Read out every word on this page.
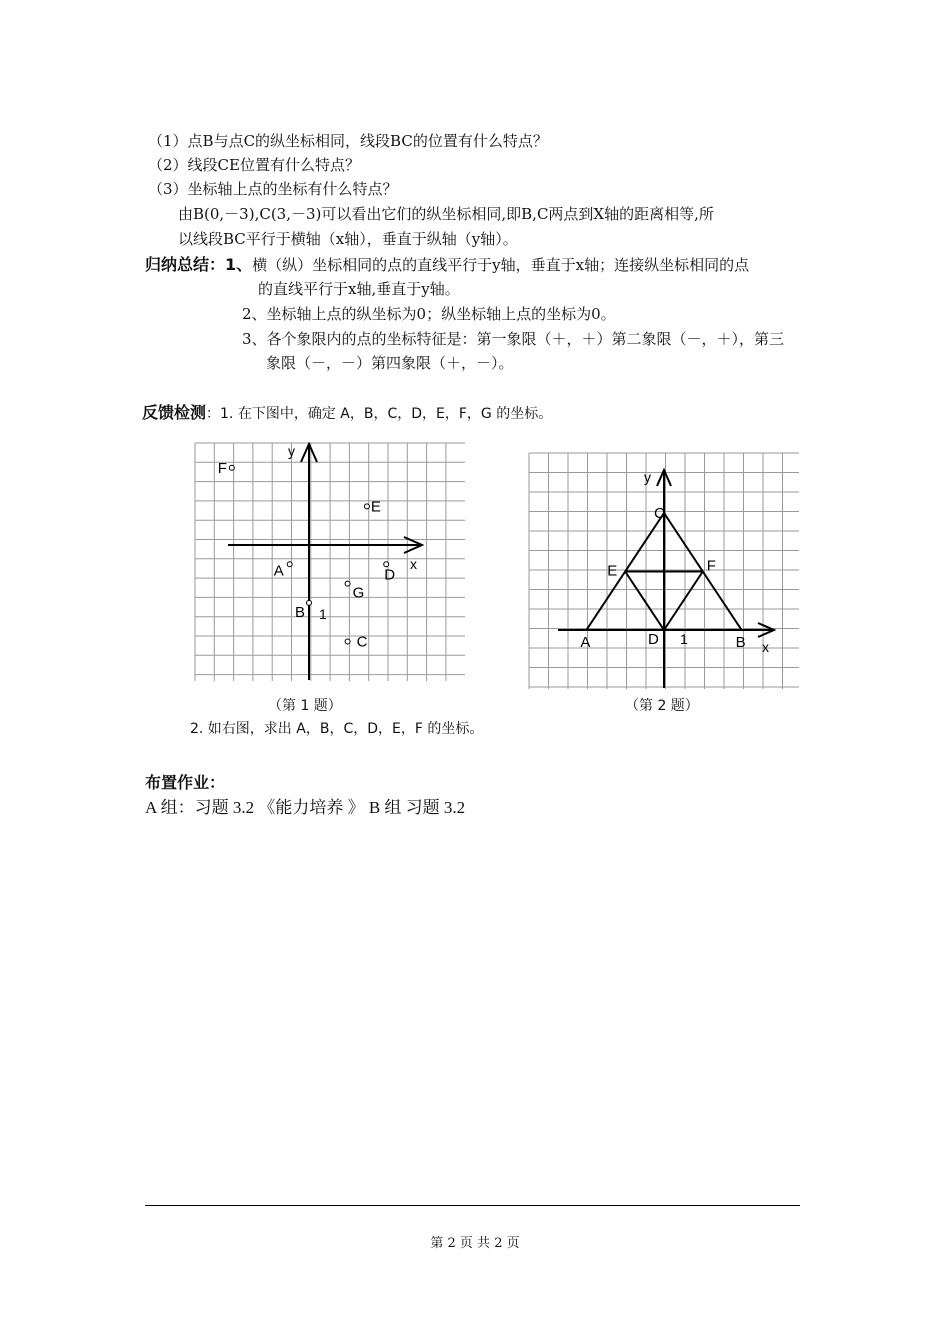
（1）点B与点C的纵坐标相同，线段BC的位置有什么特点？
（2）线段CE位置有什么特点？
（3）坐标轴上点的坐标有什么特点？
由B(0,－3),C(3,－3)可以看出它们的纵坐标相同,即B,C两点到X轴的距离相等,所
以线段BC平行于横轴（x轴），垂直于纵轴（y轴）。
归纳总结：1、横（纵）坐标相同的点的直线平行于y轴，垂直于x轴；连接纵坐标相同的点
的直线平行于x轴,垂直于y轴。
2、坐标轴上点的纵坐标为0；纵坐标轴上点的坐标为0。
3、各个象限内的点的坐标特征是：第一象限（＋，＋）第二象限（－，＋），第三
象限（－，－）第四象限（＋，－）。
反馈检测：1. 在下图中，确定 A，B，C，D，E，F，G 的坐标。
x
y
1
F
E
A	D
G
B
C
（第 1 题）
x
y
1
A	B
C
D
E	F
（第 2 题）
2. 如右图，求出 A，B，C，D，E，F 的坐标。
布置作业：
A 组：习题 3.2 《能力培养 》 B 组 习题 3.2
第 2 页 共 2 页
